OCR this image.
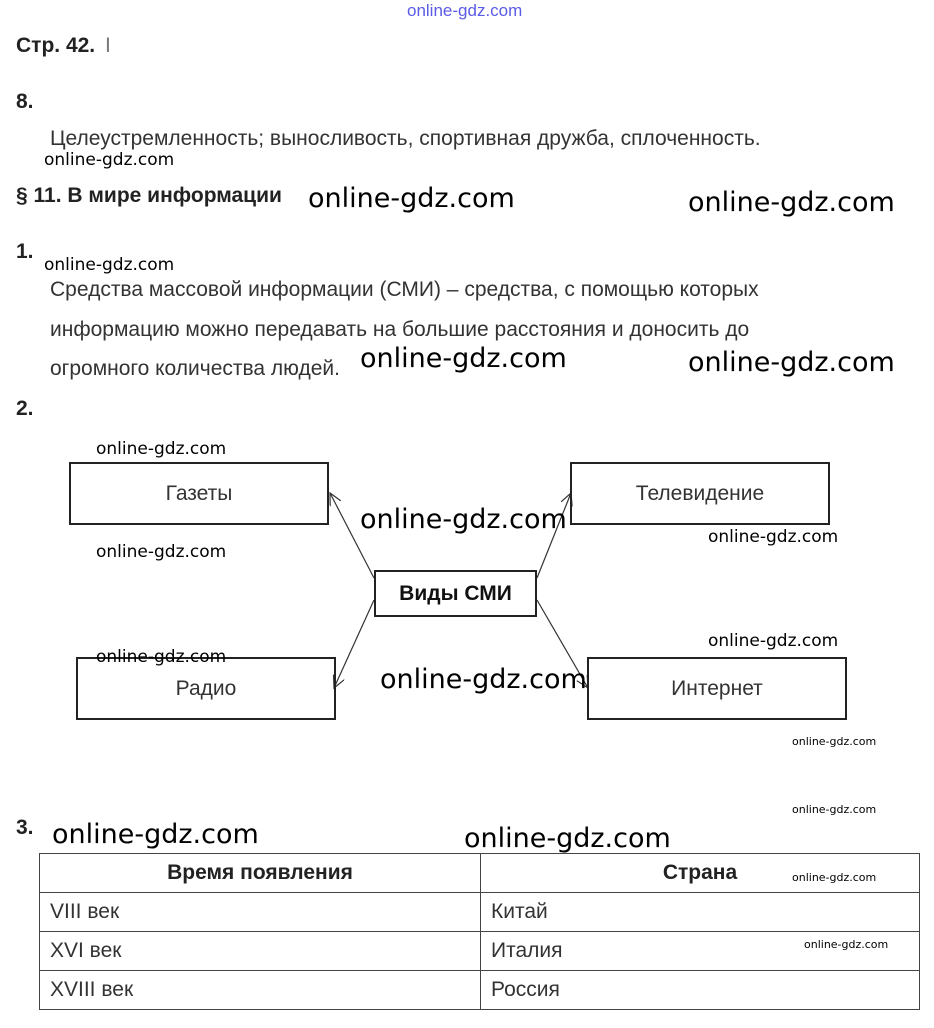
online-gdz.com
Стр. 42. I
8.
Целеустремленность; выносливость, спортивная дружба, сплоченность.
online-gdz.com
§ 11. В мире информации online-gdz.com	online-gdz.com
1.
online-gdz.com
Средства массовой информации (СМИ) – средства, с помощью которых
информацию можно передавать на большие расстояния и доносить до
огромного количества людей. online-gdz.com	online-gdz.com
2.
online-gdz.com
Газеты	Телевидение
online-gdz.com
online-gdz.com
online-gdz.com
Виды СМИ
online-gdz.com
Радио	Интернет
online-gdz.com
online-gdz.com
online-gdz.com
online-gdz.com
3. online-gdz.com	online-gdz.com
Время появления	Страна
VIII век	Китай
XVI век	Италия
XVIII век	Россия
online-gdz.com
online-gdz.com
